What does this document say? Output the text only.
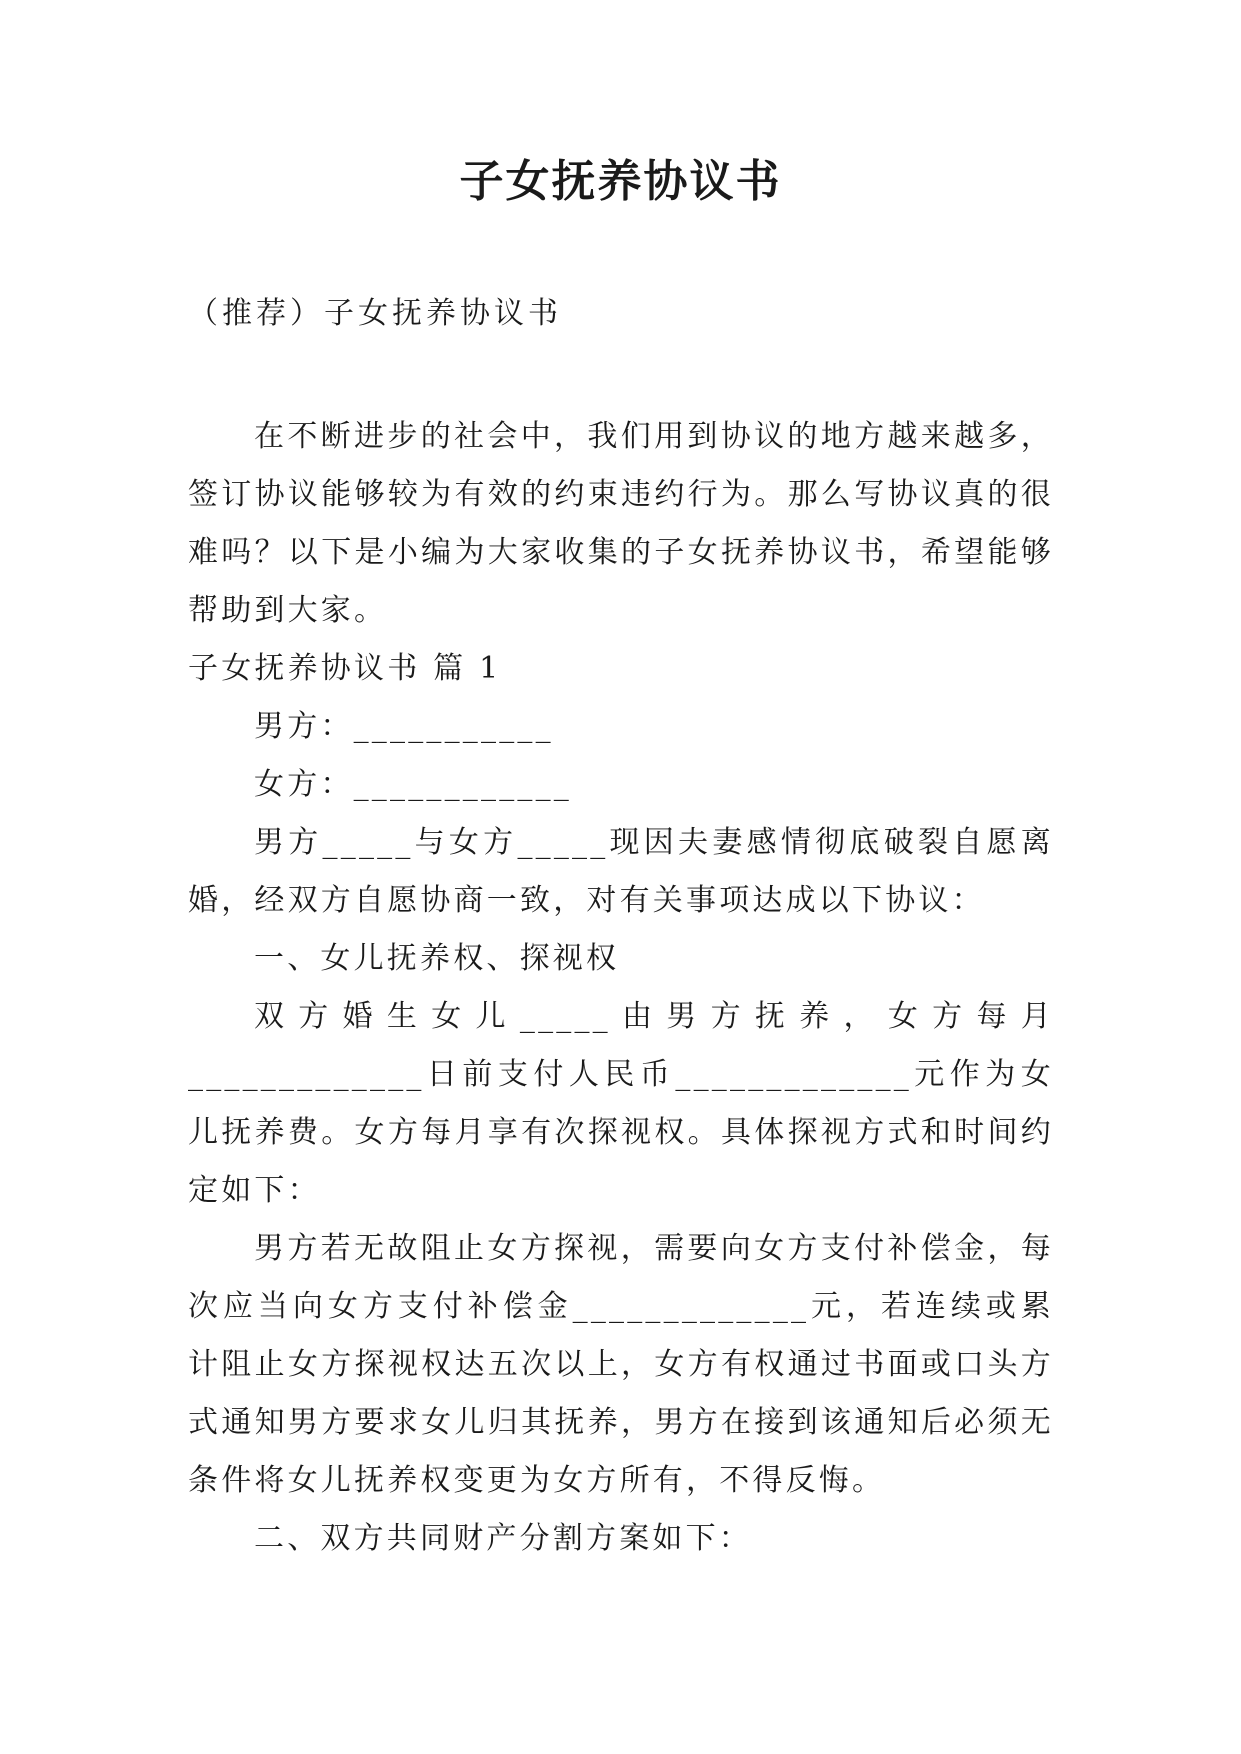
子女抚养协议书
（推荐）子女抚养协议书

在不断进步的社会中，我们用到协议的地方越来越多，签订协议能够较为有效的约束违约行为。那么写协议真的很难吗？以下是小编为大家收集的子女抚养协议书，希望能够帮助到大家。

子女抚养协议书 篇 1

男方：___________

女方：____________

男方_____与女方_____现因夫妻感情彻底破裂自愿离婚，经双方自愿协商一致，对有关事项达成以下协议：

一、女儿抚养权、探视权

双方婚生女儿_____由男方抚养，女方每月_____________日前支付人民币_____________元作为女儿抚养费。女方每月享有次探视权。具体探视方式和时间约定如下：

男方若无故阻止女方探视，需要向女方支付补偿金，每次应当向女方支付补偿金_____________元，若连续或累计阻止女方探视权达五次以上，女方有权通过书面或口头方式通知男方要求女儿归其抚养，男方在接到该通知后必须无条件将女儿抚养权变更为女方所有，不得反悔。

二、双方共同财产分割方案如下：
